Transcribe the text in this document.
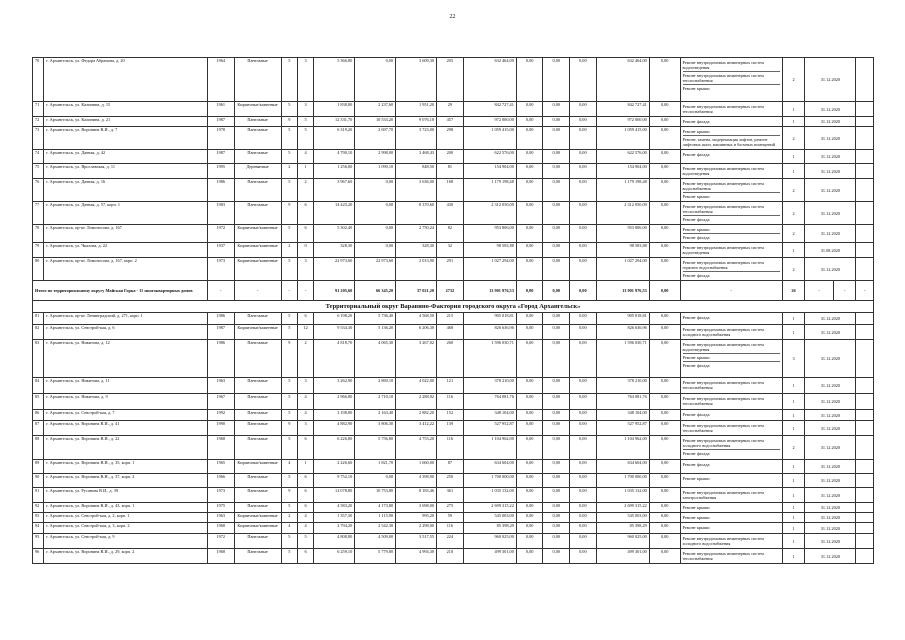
22
70	г. Архангельск, ул. Федора Абрамова, д. 20	1964	Панельные	5	3	5 366,80	0,00	3 609,30	205	632 464,00	0,00	0,00	0,00	632 464,00	0,00	Ремонт внутридомовых инженерных систем водоотведения
Ремонт внутридомовых инженерных систем теплоснабжения
Ремонт крыши	2	31.12.2020		
71	г. Архангельск, ул. Калинина, д. 15	1961	Кирпичные/каменные	5	3	1 838,80	2 237,60	1 951,20	29	842 727,41	0,00	0,00	0,00	842 727,41	0,00	Ремонт внутридомовых инженерных систем теплоснабжения	1	31.12.2020		
72	г. Архангельск, ул. Калинина, д. 21	1987	Панельные	9	5	12 331,70	10 533,20	9 076,10	457	972 000,00	0,00	0,00	0,00	972 000,00	0,00	Ремонт фасада	1	31.12.2020		
73	г. Архангельск, ул. Воронина В.И., д. 7	1978	Панельные	5	5	6 319,20	2 697,70	3 723,00	298	1 059 415,00	0,00	0,00	0,00	1 059 415,00	0,00	Ремонт крыши
Ремонт, замена, модернизация лифтов, ремонт лифтовых шахт, машинных и блочных помещений	2	31.12.2020		
74	г. Архангельск, ул. Дачная, д. 42	1987	Панельные	5	4	4 790,10	2 998,00	3 468,43	200	622 576,00	0,00	0,00	0,00	622 576,00	0,00	Ремонт фасада	1	31.12.2020		
75	г. Архангельск, ул. Ярославская, д. 11	1995	Деревянные	2	1	1 256,00	1 090,10	848,50	81	154 904,00	0,00	0,00	0,00	154 904,00	0,00	Ремонт внутридомовых инженерных систем водоотведения	1	31.12.2020		
76	г. Архангельск, ул. Дачная, д. 16	1986	Панельные	5	2	3 967,60	0,00	3 636,00	168	1 179 198,48	0,00	0,00	0,00	1 179 198,48	0,00	Ремонт внутридомовых инженерных систем водоснабжения
Ремонт крыши	2	31.12.2020		
77	г. Архангельск, ул. Дачная, д. 57, корп. 1	1983	Панельные	9	6	14 423,20	0,00	8 370,60	430	2 312 050,09	0,00	0,00	0,00	2 312 050,09	0,00	Ремонт внутридомовых инженерных систем теплоснабжения
Ремонт фасада	2	31.12.2020		
78	г. Архангельск, пр-кт. Ломоносова, д. 167	1972	Кирпичные/каменные	5	6	5 302,40	0,00	2 750,24	82	953 806,00	0,00	0,00	0,00	953 806,00	0,00	Ремонт крыши
Ремонт фасада	2	31.12.2020		
79	г. Архангельск, ул. Чкалова, д. 22	1937	Кирпичные/каменные	2	0	328,30	0,00	328,30	32	98 583,88	0,00	0,00	0,00	98 583,88	0,00	Ремонт внутридомовых инженерных систем водоотведения	1	31.08.2020		
80	г. Архангельск, пр-кт. Ломоносова, д. 167, корп. 2	1973	Кирпичные/каменные	5	3	22 973,60	22 973,60	2 013,90	291	1 027 294,00	0,00	0,00	0,00	1 027 294,00	0,00	Ремонт внутридомовых инженерных систем горячего водоснабжения
Ремонт фасада	2	31.12.2020		
Итого по территориальному округу Майская Горка - 11 многоквартирных домов		-	-	-	-	91 205,60	66 345,20	37 021,20	2732	13 901 976,53	0,00	0,00	0,00	13 901 976,53	0,00	-	26	-	-	-
Территориальный округ Варавино-Фактория городского округа «Город Архангельск»																				
81	г. Архангельск, пр-кт. Ленинградский, д. 271, корп. 1	1986	Панельные	5	6	6 198,20	5 736,40	4 568,50	215	905 018,81	0,00	0,00	0,00	905 018,81	0,00	Ремонт фасада	1	31.12.2020		
82	г. Архангельск, ул. Севстрой-кая, д. 6	1987	Кирпичные/каменные	5	12	9 534,30	5 136,20	6 206,30	468	826 636,96	0,00	0,00	0,00	826 636,96	0,00	Ремонт внутридомовых инженерных систем холодного водоснабжения	1	31.12.2020		
83	г. Архангельск, ул. Никитова, д. 12	1986	Панельные	9	2	4 818,70	4 065,30	3 267,02	260	1 596 030,71	0,00	0,00	0,00	1 596 030,71	0,00	Ремонт внутридомовых инженерных систем водоотведения
Ремонт крыши
Ремонт фасада	3	31.12.2020		
84	г. Архангельск, ул. Никитова, д. 11	1963	Панельные	5	3	3 262,90	2 869,10	4 022,00	121	378 210,00	0,00	0,00	0,00	378 210,00	0,00	Ремонт внутридомовых инженерных систем теплоснабжения	1	31.12.2020		
85	г. Архангельск, ул. Никитова, д. 9	1967	Панельные	5	4	2 966,80	2 710,10	2 288,92	116	764 081,76	0,00	0,00	0,00	764 081,76	0,00	Ремонт внутридомовых инженерных систем теплоснабжения	1	31.12.2020		
86	г. Архангельск, ул. Севстрой-кая, д. 7	1992	Панельные	5	4	3 198,80	2 163,40	2 882,20	152	348 104,00	0,00	0,00	0,00	348 104,00	0,00	Ремонт фасада	1	31.12.2020		
87	г. Архангельск, ул. Воронина В.И., д. 41	1990	Панельные	9	3	4 882,90	3 806,30	3 412,22	139	527 952,87	0,00	0,00	0,00	527 952,87	0,00	Ремонт внутридомовых инженерных систем теплоснабжения	1	31.12.2020		
88	г. Архангельск, ул. Воронина В.И., д. 22	1968	Панельные	5	6	6 226,80	5 756,80	4 753,20	116	1 104 962,00	0,00	0,00	0,00	1 104 962,00	0,00	Ремонт внутридомовых инженерных систем холодного водоснабжения
Ремонт фасада	2	31.12.2020		
89	г. Архангельск, ул. Воронина В.И., д. 35, корп. 1	1965	Кирпичные/каменные	4	1	2 226,60	1 821,70	1 660,00	87	634 604,00	0,00	0,00	0,00	634 604,00	0,00	Ремонт фасада	1	31.12.2020		
90	г. Архангельск, ул. Воронина В.И., д. 37, корп. 2	1966	Панельные	5	6	9 752,10	0,00	4 398,90	250	1 700 000,00	0,00	0,00	0,00	1 700 000,00	0,00	Ремонт крыши	1	31.12.2020		
91	г. Архангельск, ул. Русанова В.И., д. 39	1973	Панельные	9	6	12 078,80	10 753,80	8 183,46	361	1 035 132,00	0,00	0,00	0,00	1 035 132,00	0,00	Ремонт внутридомовых инженерных систем электроснабжения	1	31.12.2020		
92	г. Архангельск, ул. Воронина В.И., д. 43, корп. 1	1975	Панельные	5	6	4 583,20	4 173,80	3 698,00	275	2 699 315,22	0,00	0,00	0,00	2 699 315,22	0,00	Ремонт крыши	1	31.12.2020		
93	г. Архангельск, ул. Севстрой-кая, д. 2, корп. 1	1963	Кирпичные/каменные	2	4	1 357,30	1 115,90	995,20	59	545 003,00	0,00	0,00	0,00	545 003,00	0,00	Ремонт крыши	1	31.12.2020		
94	г. Архангельск, ул. Севстрой-кая, д. 3, корп. 2	1968	Кирпичные/каменные	4	4	2 794,20	2 542,30	2 298,00	116	85 398,29	0,00	0,00	0,00	85 398,29	0,00	Ремонт крыши	1	31.12.2020		
95	г. Архангельск, ул. Севстрой-кая, д. 9	1972	Панельные	5	5	4 808,80	4 509,00	3 517,55	224	960 025,00	0,00	0,00	0,00	960 025,00	0,00	Ремонт внутридомовых инженерных систем холодного водоснабжения	1	31.12.2020		
96	г. Архангельск, ул. Воронина В.И., д. 29, корп. 2	1968	Панельные	5	6	6 259,10	5 779,80	4 994,30	210	499 301,00	0,00	0,00	0,00	499 301,00	0,00	Ремонт внутридомовых инженерных систем теплоснабжения	1	31.12.2020		
